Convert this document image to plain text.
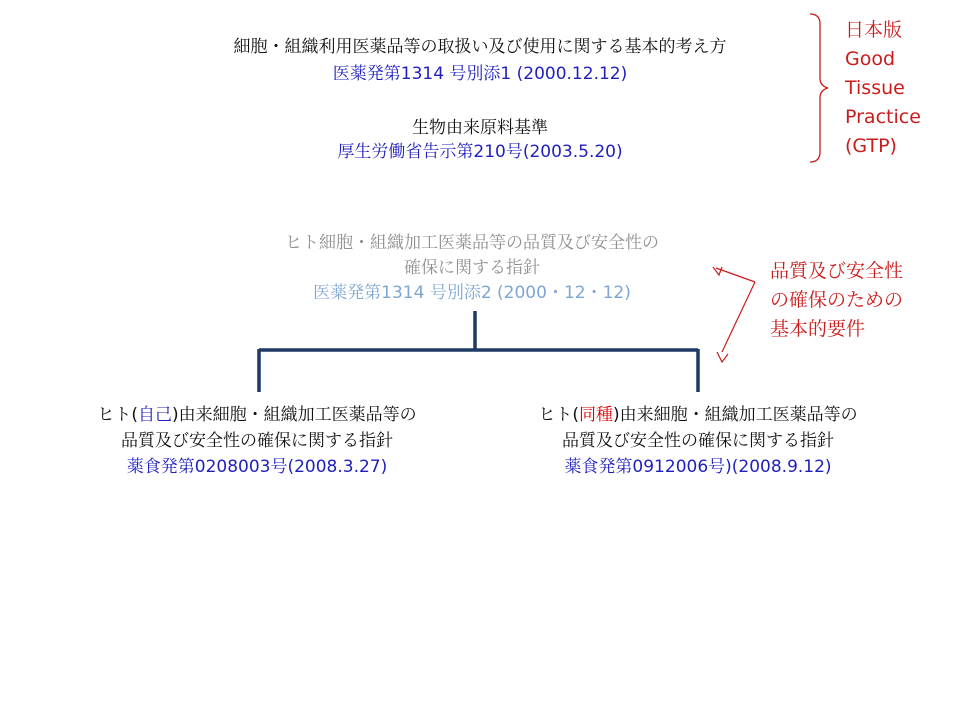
細胞・組織利用医薬品等の取扱い及び使用に関する基本的考え方
医薬発第1314 号別添1 (2000.12.12)
生物由来原料基準
厚生労働省告示第210号(2003.5.20)
日本版
Good
Tissue
Practice
(GTP)
ヒト細胞・組織加工医薬品等の品質及び安全性の
確保に関する指針
医薬発第1314 号別添2 (2000・12・12)
品質及び安全性
の確保のための
基本的要件
ヒト(自己)由来細胞・組織加工医薬品等の
品質及び安全性の確保に関する指針
薬食発第0208003号(2008.3.27)
ヒト(同種)由来細胞・組織加工医薬品等の
品質及び安全性の確保に関する指針
薬食発第0912006号)(2008.9.12)
